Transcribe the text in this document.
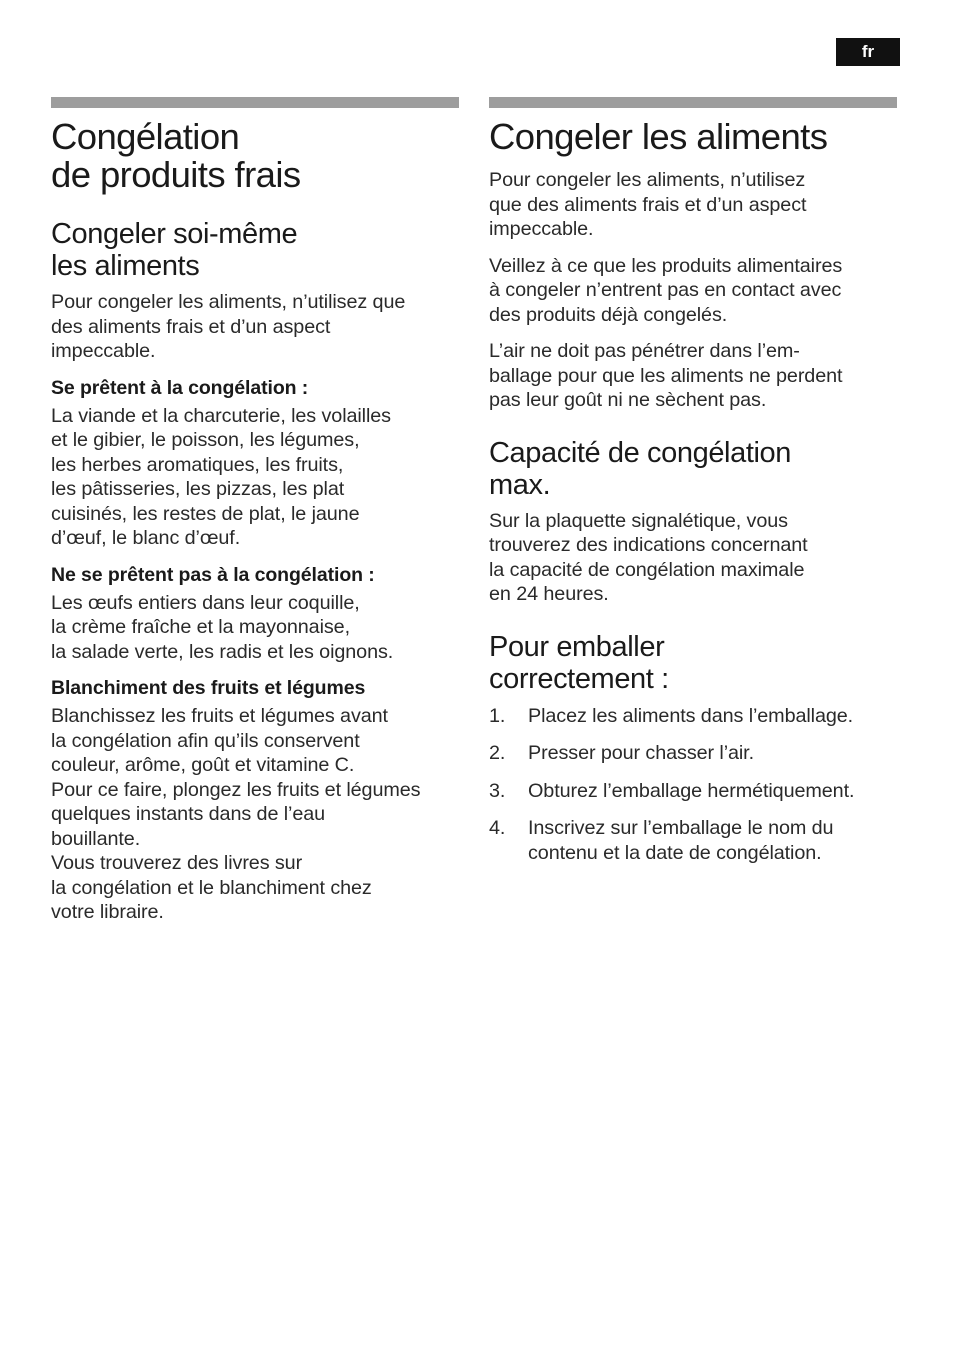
fr
Congélation
de produits frais
Congeler soi-même
les aliments

Pour congeler les aliments, n’utilisez que
des aliments frais et d’un aspect
impeccable.

Se prêtent à la congélation :

La viande et la charcuterie, les volailles
et le gibier, le poisson, les légumes,
les herbes aromatiques, les fruits,
les pâtisseries, les pizzas, les plat
cuisinés, les restes de plat, le jaune
d’œuf, le blanc d’œuf.

Ne se prêtent pas à la congélation :

Les œufs entiers dans leur coquille,
la crème fraîche et la mayonnaise,
la salade verte, les radis et les oignons.

Blanchiment des fruits et légumes

Blanchissez les fruits et légumes avant
la congélation afin qu’ils conservent
couleur, arôme, goût et vitamine C.
Pour ce faire, plongez les fruits et légumes
quelques instants dans de l’eau
bouillante.
Vous trouverez des livres sur
la congélation et le blanchiment chez
votre libraire.

Congeler les aliments

Pour congeler les aliments, n’utilisez
que des aliments frais et d’un aspect
impeccable.

Veillez à ce que les produits alimentaires
à congeler n’entrent pas en contact avec
des produits déjà congelés.

L’air ne doit pas pénétrer dans l’em-
ballage pour que les aliments ne perdent
pas leur goût ni ne sèchent pas.

Capacité de congélation
max.

Sur la plaquette signalétique, vous
trouverez des indications concernant
la capacité de congélation maximale
en 24 heures.

Pour emballer
correctement :
1. Placez les aliments dans l’emballage.
2. Presser pour chasser l’air.
3. Obturez l’emballage hermétiquement.
4. Inscrivez sur l’emballage le nom du
contenu et la date de congélation.
